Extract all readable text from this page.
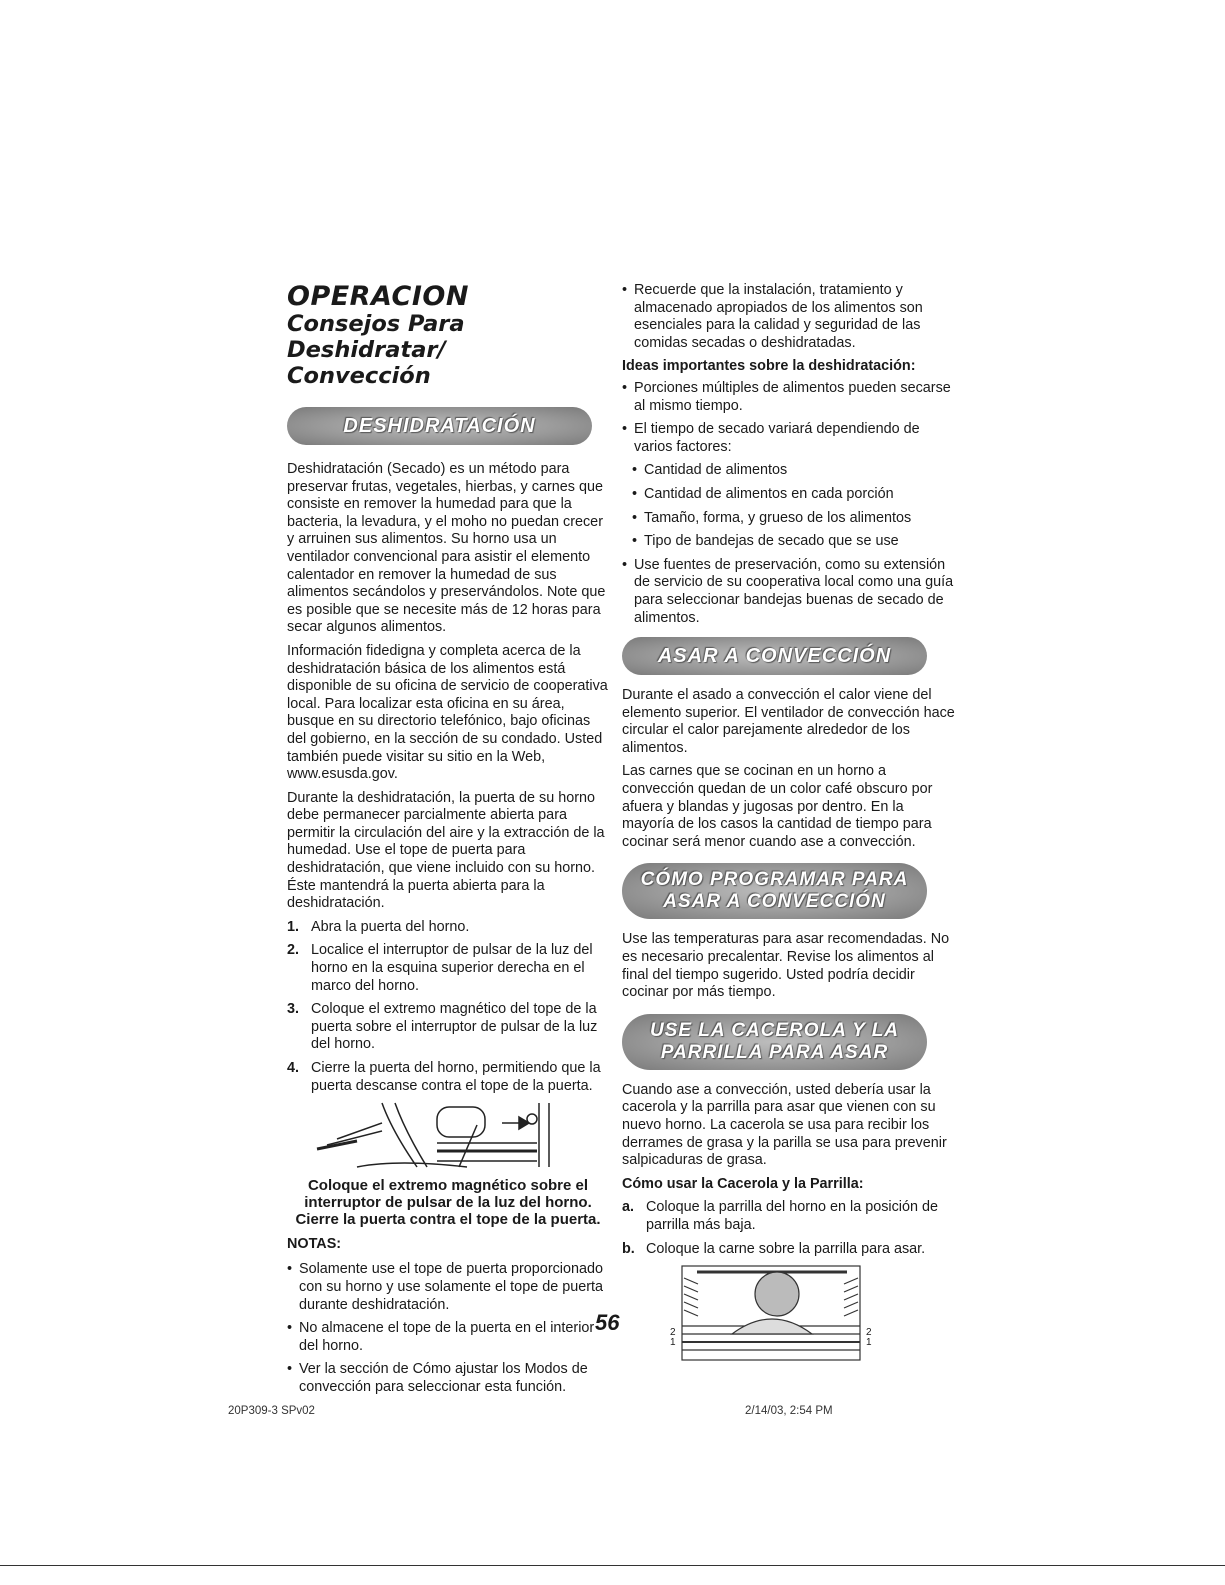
OPERACION
Consejos Para Deshidratar/
Convección
DESHIDRATACIÓN

Deshidratación (Secado) es un método para preservar frutas, vegetales, hierbas, y carnes que consiste en remover la humedad para que la bacteria, la levadura, y el moho no puedan crecer y arruinen sus alimentos. Su horno usa un ventilador convencional para asistir el elemento calentador en remover la humedad de sus alimentos secándolos y preservándolos. Note que es posible que se necesite más de 12 horas para secar algunos alimentos.

Información fidedigna y completa acerca de la deshidratación básica de los alimentos está disponible de su oficina de servicio de cooperativa local. Para localizar esta oficina en su área, busque en su directorio telefónico, bajo oficinas del gobierno, en la sección de su condado. Usted también puede visitar su sitio en la Web, www.esusda.gov.

Durante la deshidratación, la puerta de su horno debe permanecer parcialmente abierta para permitir la circulación del aire y la extracción de la humedad. Use el tope de puerta para deshidratación, que viene incluido con su horno. Éste mantendrá la puerta abierta para la deshidratación.

1. Abra la puerta del horno.
2. Localice el interruptor de pulsar de la luz del horno en la esquina superior derecha en el marco del horno.
3. Coloque el extremo magnético del tope de la puerta sobre el interruptor de pulsar de la luz del horno.
4. Cierre la puerta del horno, permitiendo que la puerta descanse contra el tope de la puerta.
Coloque el extremo magnético sobre el
interruptor de pulsar de la luz del horno.
Cierre la puerta contra el tope de la puerta.

NOTAS:

• Solamente use el tope de puerta proporcionado con su horno y use solamente el tope de puerta durante deshidratación.
• No almacene el tope de la puerta en el interior del horno.
• Ver la sección de Cómo ajustar los Modos de convección para seleccionar esta función.
• Recuerde que la instalación, tratamiento y almacenado apropiados de los alimentos son esenciales para la calidad y seguridad de las comidas secadas o deshidratadas.

Ideas importantes sobre la deshidratación:

• Porciones múltiples de alimentos pueden secarse al mismo tiempo.
• El tiempo de secado variará dependiendo de varios factores:
• Cantidad de alimentos
• Cantidad de alimentos en cada porción
• Tamaño, forma, y grueso de los alimentos
• Tipo de bandejas de secado que se use
• Use fuentes de preservación, como su extensión de servicio de su cooperativa local como una guía para seleccionar bandejas buenas de secado de alimentos.
ASAR A CONVECCIÓN

Durante el asado a convección el calor viene del elemento superior. El ventilador de convección hace circular el calor parejamente alrededor de los alimentos.

Las carnes que se cocinan en un horno a convección quedan de un color café obscuro por afuera y blandas y jugosas por dentro. En la mayoría de los casos la cantidad de tiempo para cocinar será menor cuando ase a convección.

CÓMO PROGRAMAR PARA
ASAR A CONVECCIÓN

Use las temperaturas para asar recomendadas. No es necesario precalentar. Revise los alimentos al final del tiempo sugerido. Usted podría decidir cocinar por más tiempo.

USE LA CACEROLA Y LA
PARRILLA PARA ASAR

Cuando ase a convección, usted debería usar la cacerola y la parrilla para asar que vienen con su nuevo horno. La cacerola se usa para recibir los derrames de grasa y la parilla se usa para prevenir salpicaduras de grasa.

Cómo usar la Cacerola y la Parrilla:

a. Coloque la parrilla del horno en la posición de parrilla más baja.
b. Coloque la carne sobre la parrilla para asar.
2
1
2
1
56
20P309-3 SPv02	2/14/03, 2:54 PM
